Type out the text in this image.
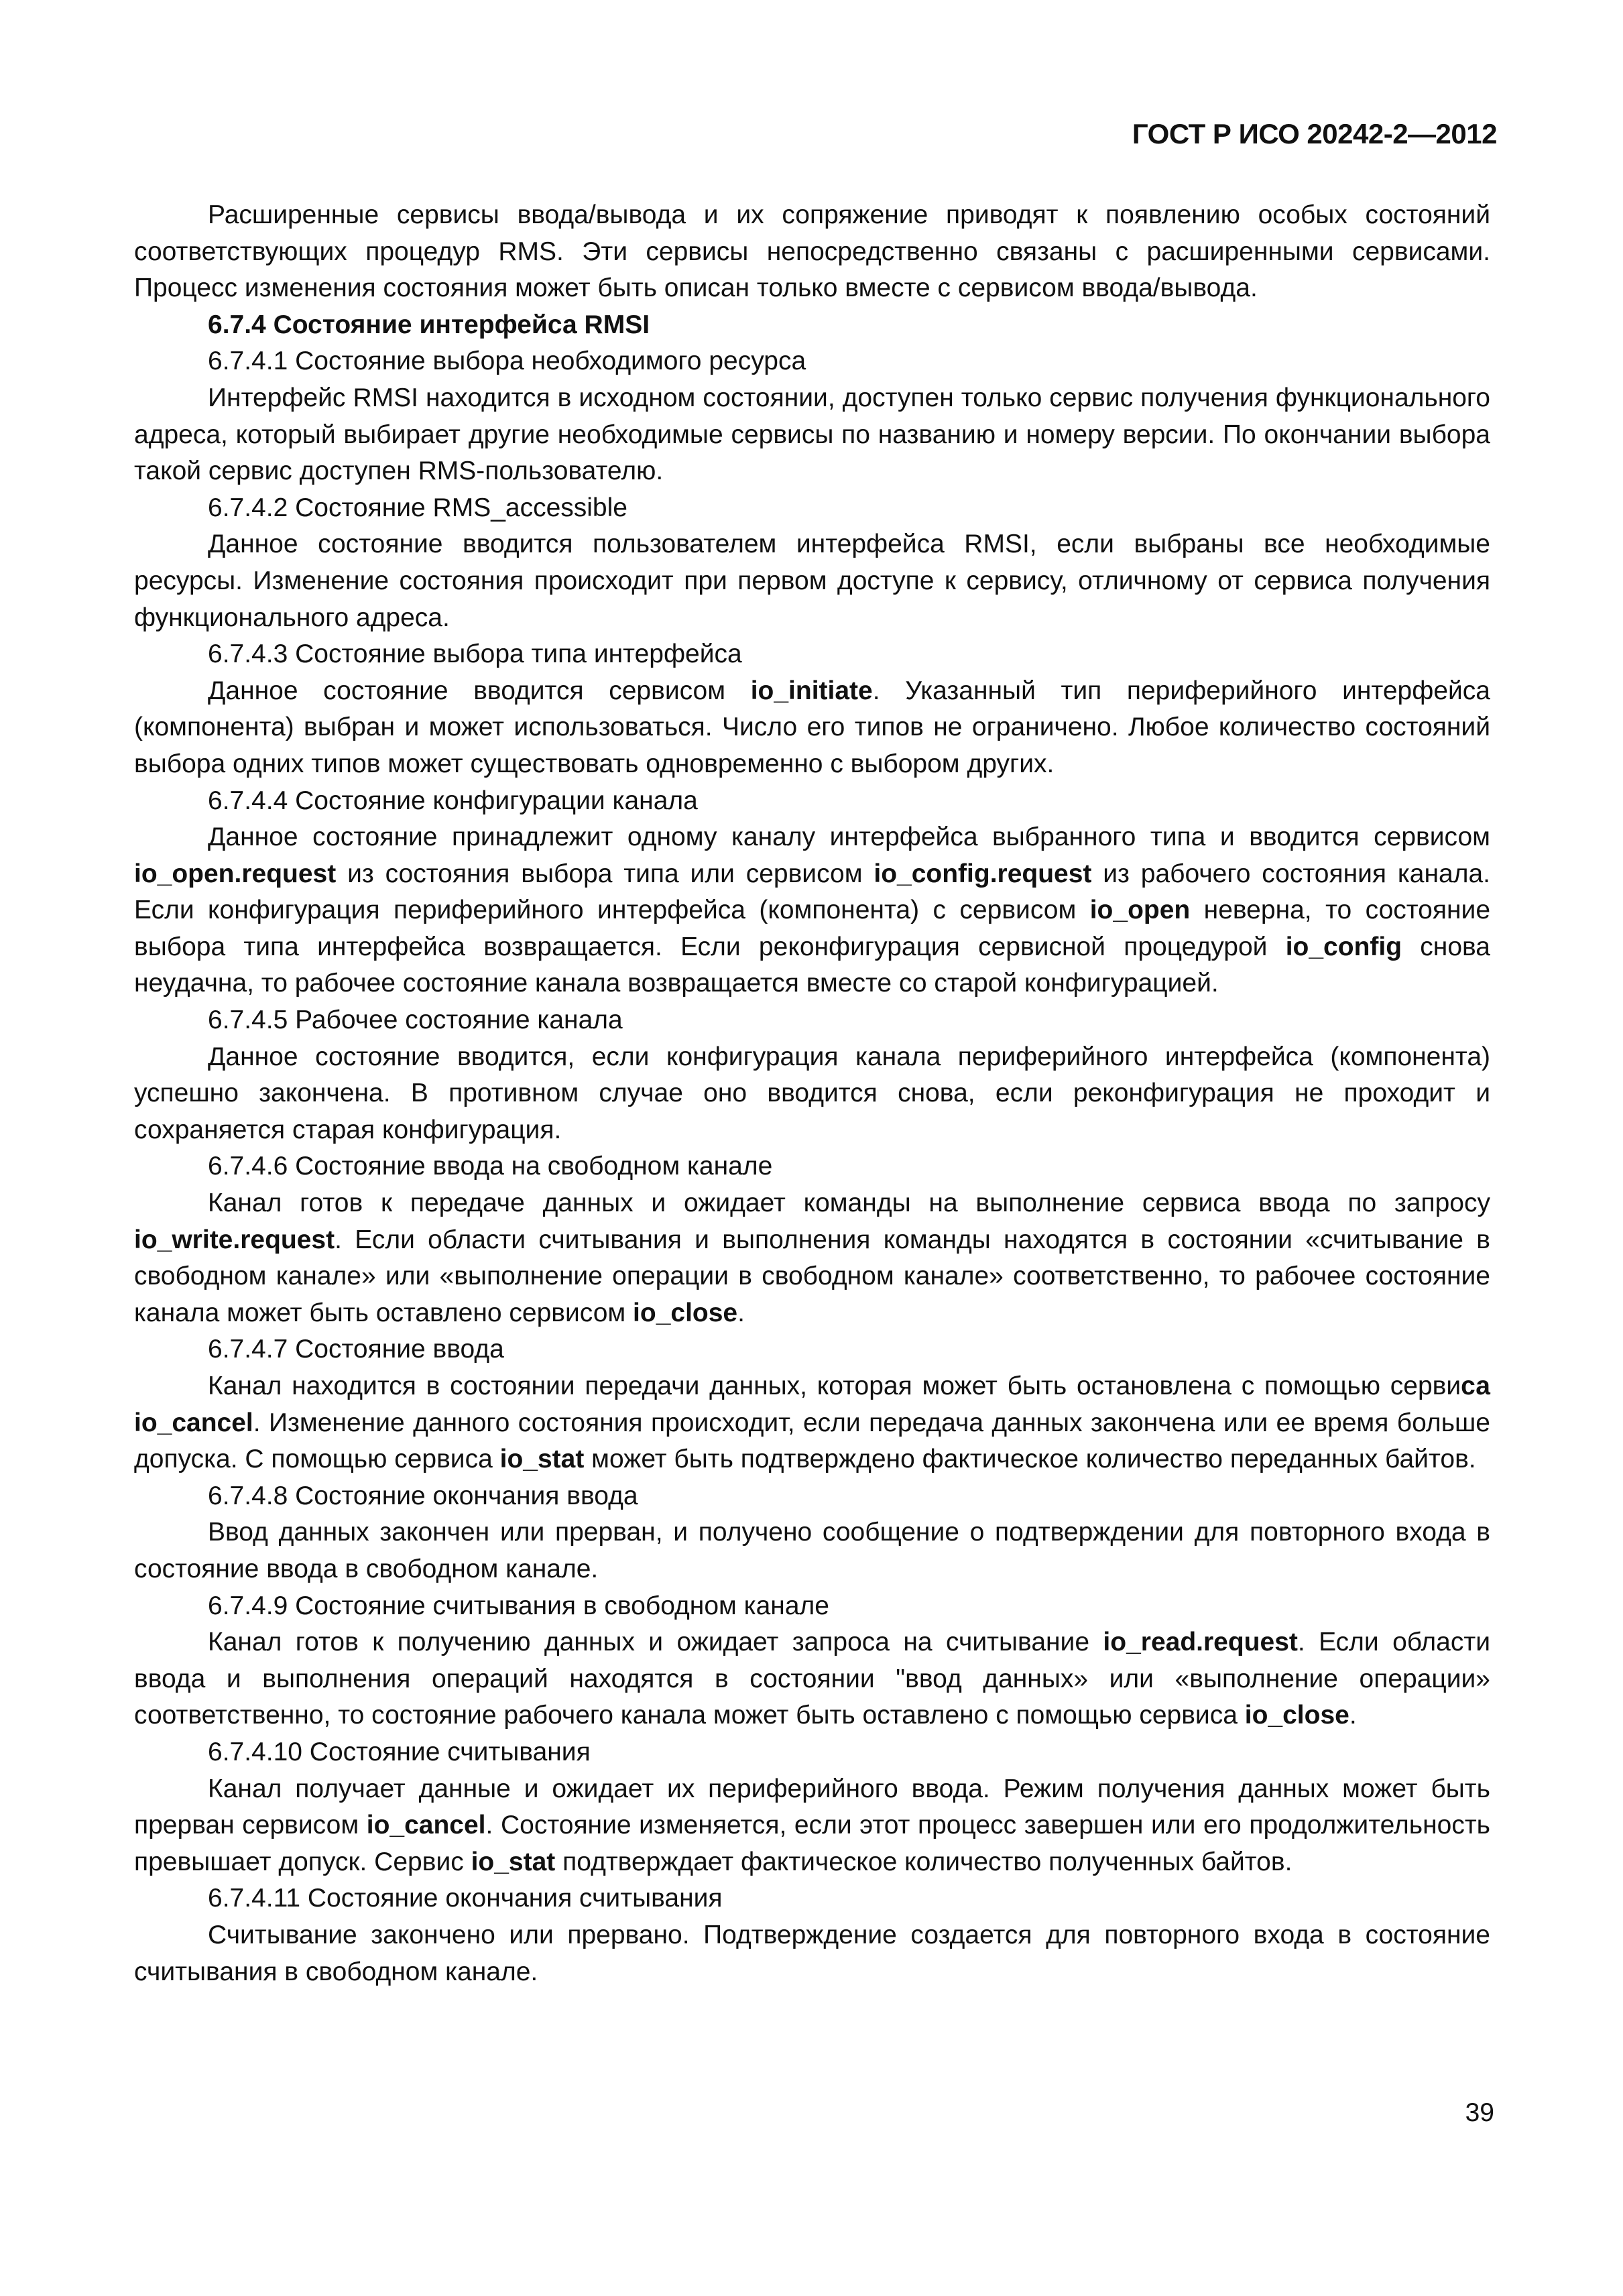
ГОСТ Р ИСО 20242-2—2012

Расширенные сервисы ввода/вывода и их сопряжение приводят к появлению особых состояний соответствующих процедур RMS. Эти сервисы непосредственно связаны с расширенными сервисами. Процесс изменения состояния может быть описан только вместе с сервисом ввода/вывода.

6.7.4 Состояние интерфейса RMSI

6.7.4.1 Состояние выбора необходимого ресурса

Интерфейс RMSI находится в исходном состоянии, доступен только сервис получения функционального адреса, который выбирает другие необходимые сервисы по названию и номеру версии. По окончании выбора такой сервис доступен RMS-пользователю.

6.7.4.2 Состояние RMS_accessible

Данное состояние вводится пользователем интерфейса RMSI, если выбраны все необходимые ресурсы. Изменение состояния происходит при первом доступе к сервису, отличному от сервиса получения функционального адреса.

6.7.4.3 Состояние выбора типа интерфейса

Данное состояние вводится сервисом io_initiate. Указанный тип периферийного интерфейса (компонента) выбран и может использоваться. Число его типов не ограничено. Любое количество состояний выбора одних типов может существовать одновременно с выбором других.

6.7.4.4 Состояние конфигурации канала

Данное состояние принадлежит одному каналу интерфейса выбранного типа и вводится сервисом io_open.request из состояния выбора типа или сервисом io_config.request из рабочего состояния канала. Если конфигурация периферийного интерфейса (компонента) с сервисом io_open неверна, то состояние выбора типа интерфейса возвращается. Если реконфигурация сервисной процедурой io_config снова неудачна, то рабочее состояние канала возвращается вместе со старой конфигурацией.

6.7.4.5 Рабочее состояние канала

Данное состояние вводится, если конфигурация канала периферийного интерфейса (компонента) успешно закончена. В противном случае оно вводится снова, если реконфигурация не проходит и сохраняется старая конфигурация.

6.7.4.6 Состояние ввода на свободном канале

Канал готов к передаче данных и ожидает команды на выполнение сервиса ввода по запросу io_write.request. Если области считывания и выполнения команды находятся в состоянии «считывание в свободном канале» или «выполнение операции в свободном канале» соответственно, то рабочее состояние канала может быть оставлено сервисом io_close.

6.7.4.7 Состояние ввода

Канал находится в состоянии передачи данных, которая может быть остановлена с помощью сервиса io_cancel. Изменение данного состояния происходит, если передача данных закончена или ее время больше допуска. С помощью сервиса io_stat может быть подтверждено фактическое количество переданных байтов.

6.7.4.8 Состояние окончания ввода

Ввод данных закончен или прерван, и получено сообщение о подтверждении для повторного входа в состояние ввода в свободном канале.

6.7.4.9 Состояние считывания в свободном канале

Канал готов к получению данных и ожидает запроса на считывание io_read.request. Если области ввода и выполнения операций находятся в состоянии "ввод данных» или «выполнение операции» соответственно, то состояние рабочего канала может быть оставлено с помощью сервиса io_close.

6.7.4.10 Состояние считывания

Канал получает данные и ожидает их периферийного ввода. Режим получения данных может быть прерван сервисом io_cancel. Состояние изменяется, если этот процесс завершен или его продолжительность превышает допуск. Сервис io_stat подтверждает фактическое количество полученных байтов.

6.7.4.11 Состояние окончания считывания

Считывание закончено или прервано. Подтверждение создается для повторного входа в состояние считывания в свободном канале.

39
